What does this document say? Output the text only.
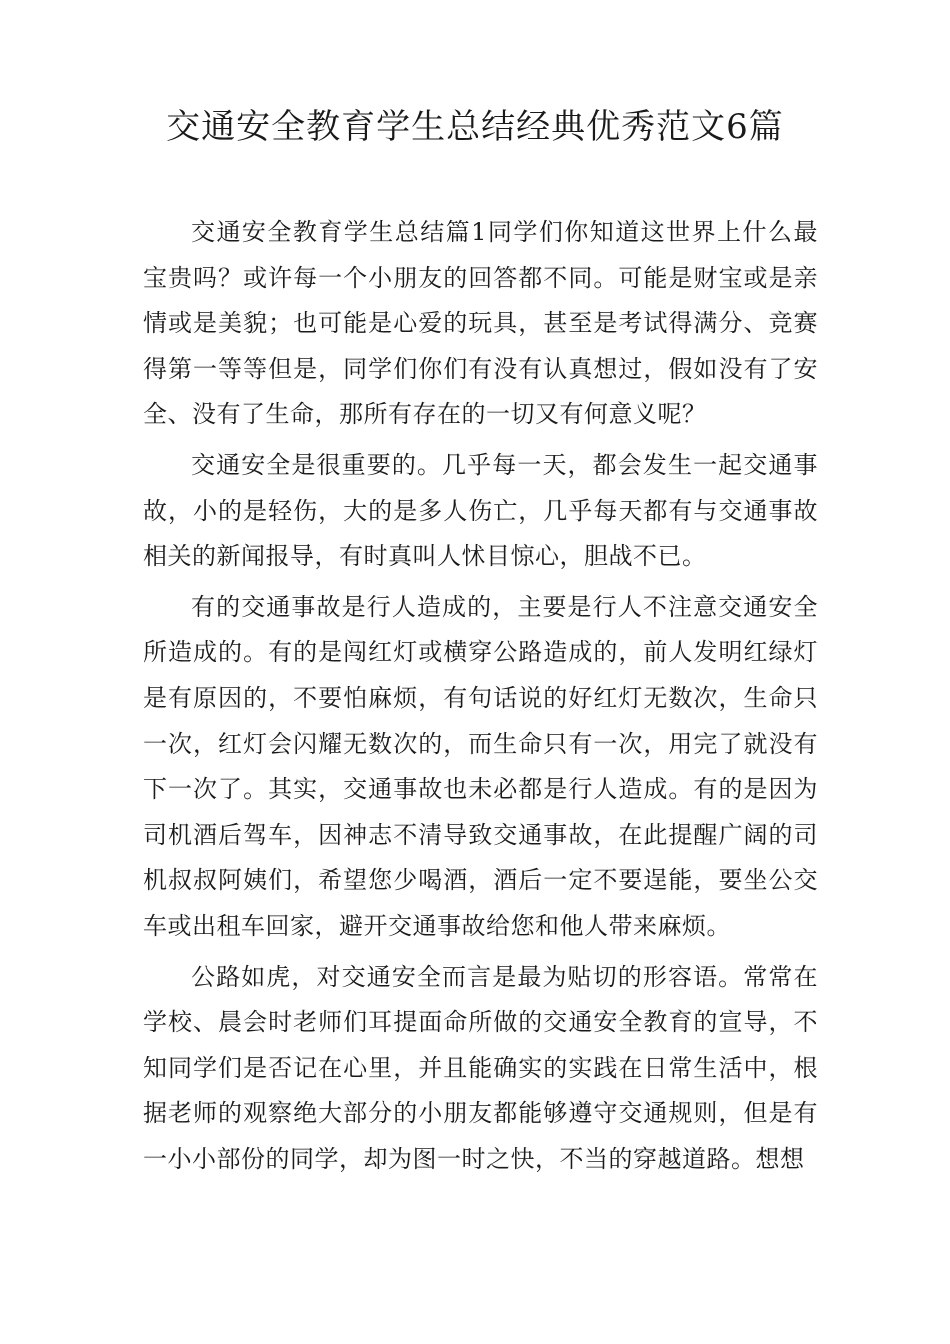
交通安全教育学生总结经典优秀范文6篇

交通安全教育学生总结篇1同学们你知道这世界上什么最宝贵吗？或许每一个小朋友的回答都不同。可能是财宝或是亲情或是美貌；也可能是心爱的玩具，甚至是考试得满分、竞赛得第一等等但是，同学们你们有没有认真想过，假如没有了安全、没有了生命，那所有存在的一切又有何意义呢？

交通安全是很重要的。几乎每一天，都会发生一起交通事故，小的是轻伤，大的是多人伤亡，几乎每天都有与交通事故相关的新闻报导，有时真叫人怵目惊心，胆战不已。

有的交通事故是行人造成的，主要是行人不注意交通安全所造成的。有的是闯红灯或横穿公路造成的，前人发明红绿灯是有原因的，不要怕麻烦，有句话说的好红灯无数次，生命只一次，红灯会闪耀无数次的，而生命只有一次，用完了就没有下一次了。其实，交通事故也未必都是行人造成。有的是因为司机酒后驾车，因神志不清导致交通事故，在此提醒广阔的司机叔叔阿姨们，希望您少喝酒，酒后一定不要逞能，要坐公交车或出租车回家，避开交通事故给您和他人带来麻烦。

公路如虎，对交通安全而言是最为贴切的形容语。常常在学校、晨会时老师们耳提面命所做的交通安全教育的宣导，不知同学们是否记在心里，并且能确实的实践在日常生活中，根据老师的观察绝大部分的小朋友都能够遵守交通规则，但是有一小小部份的同学，却为图一时之快，不当的穿越道路。想想
